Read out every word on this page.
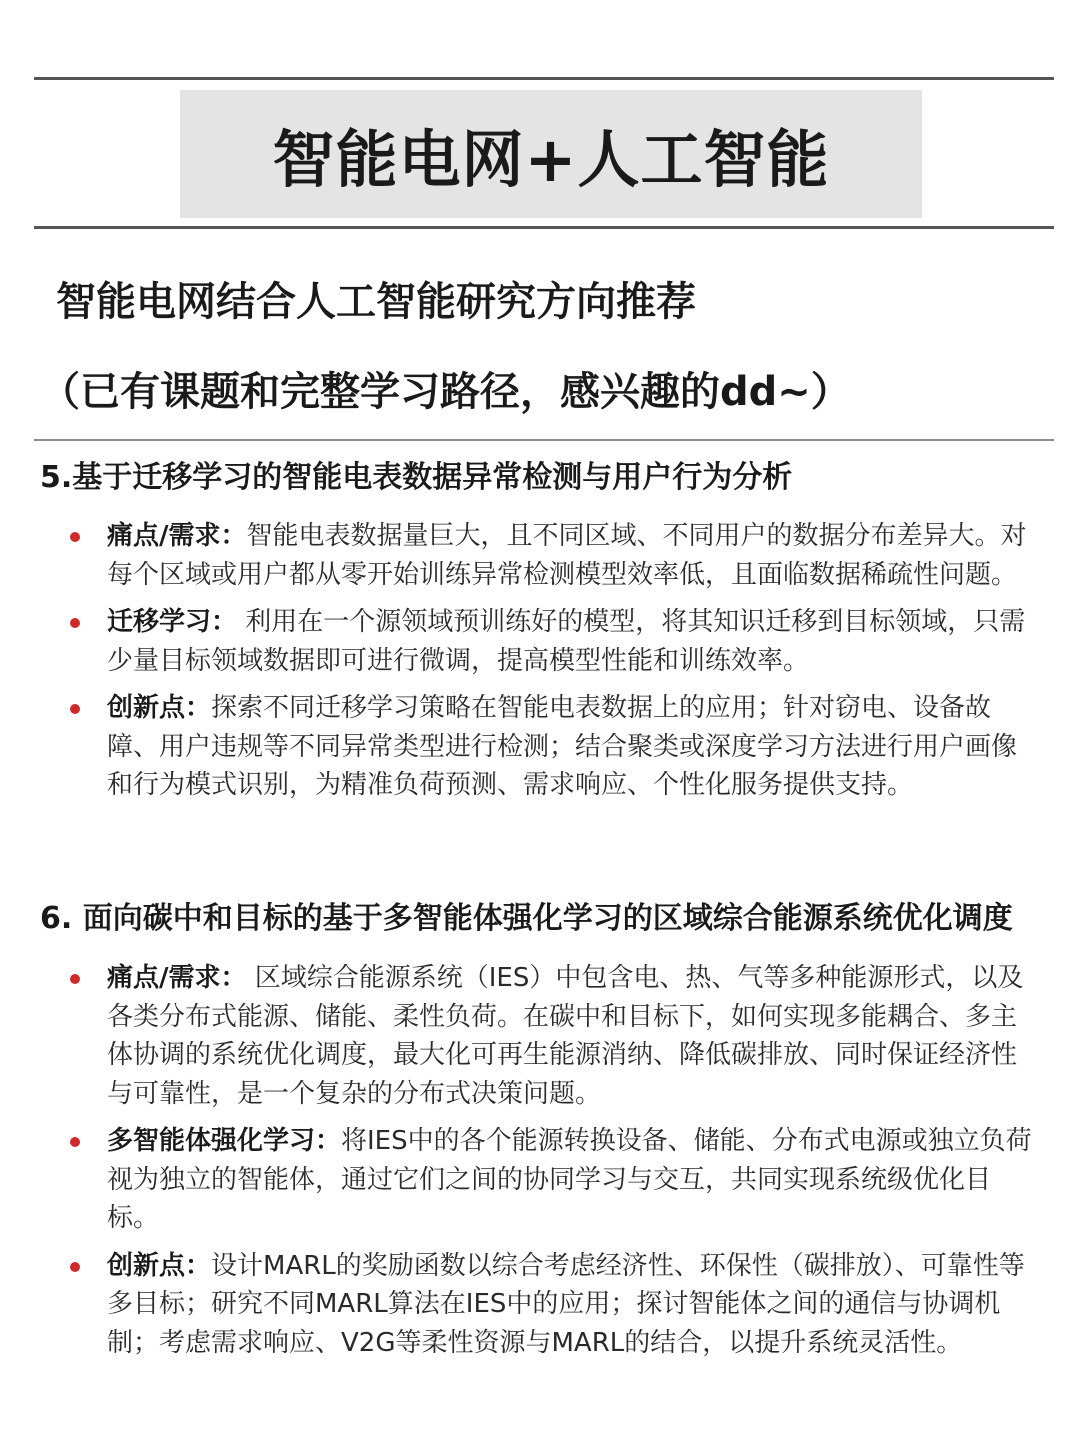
智能电网+人工智能
智能电网结合人工智能研究方向推荐
（已有课题和完整学习路径，感兴趣的dd~）
5.基于迁移学习的智能电表数据异常检测与用户行为分析
痛点/需求：智能电表数据量巨大，且不同区域、不同用户的数据分布差异大。对每个区域或用户都从零开始训练异常检测模型效率低，且面临数据稀疏性问题。
迁移学习： 利用在一个源领域预训练好的模型，将其知识迁移到目标领域，只需少量目标领域数据即可进行微调，提高模型性能和训练效率。
创新点：探索不同迁移学习策略在智能电表数据上的应用；针对窃电、设备故障、用户违规等不同异常类型进行检测；结合聚类或深度学习方法进行用户画像和行为模式识别，为精准负荷预测、需求响应、个性化服务提供支持。
6. 面向碳中和目标的基于多智能体强化学习的区域综合能源系统优化调度
痛点/需求： 区域综合能源系统（IES）中包含电、热、气等多种能源形式，以及各类分布式能源、储能、柔性负荷。在碳中和目标下，如何实现多能耦合、多主体协调的系统优化调度，最大化可再生能源消纳、降低碳排放、同时保证经济性与可靠性，是一个复杂的分布式决策问题。
多智能体强化学习：将IES中的各个能源转换设备、储能、分布式电源或独立负荷视为独立的智能体，通过它们之间的协同学习与交互，共同实现系统级优化目标。
创新点：设计MARL的奖励函数以综合考虑经济性、环保性（碳排放）、可靠性等多目标；研究不同MARL算法在IES中的应用；探讨智能体之间的通信与协调机制；考虑需求响应、V2G等柔性资源与MARL的结合，以提升系统灵活性。
